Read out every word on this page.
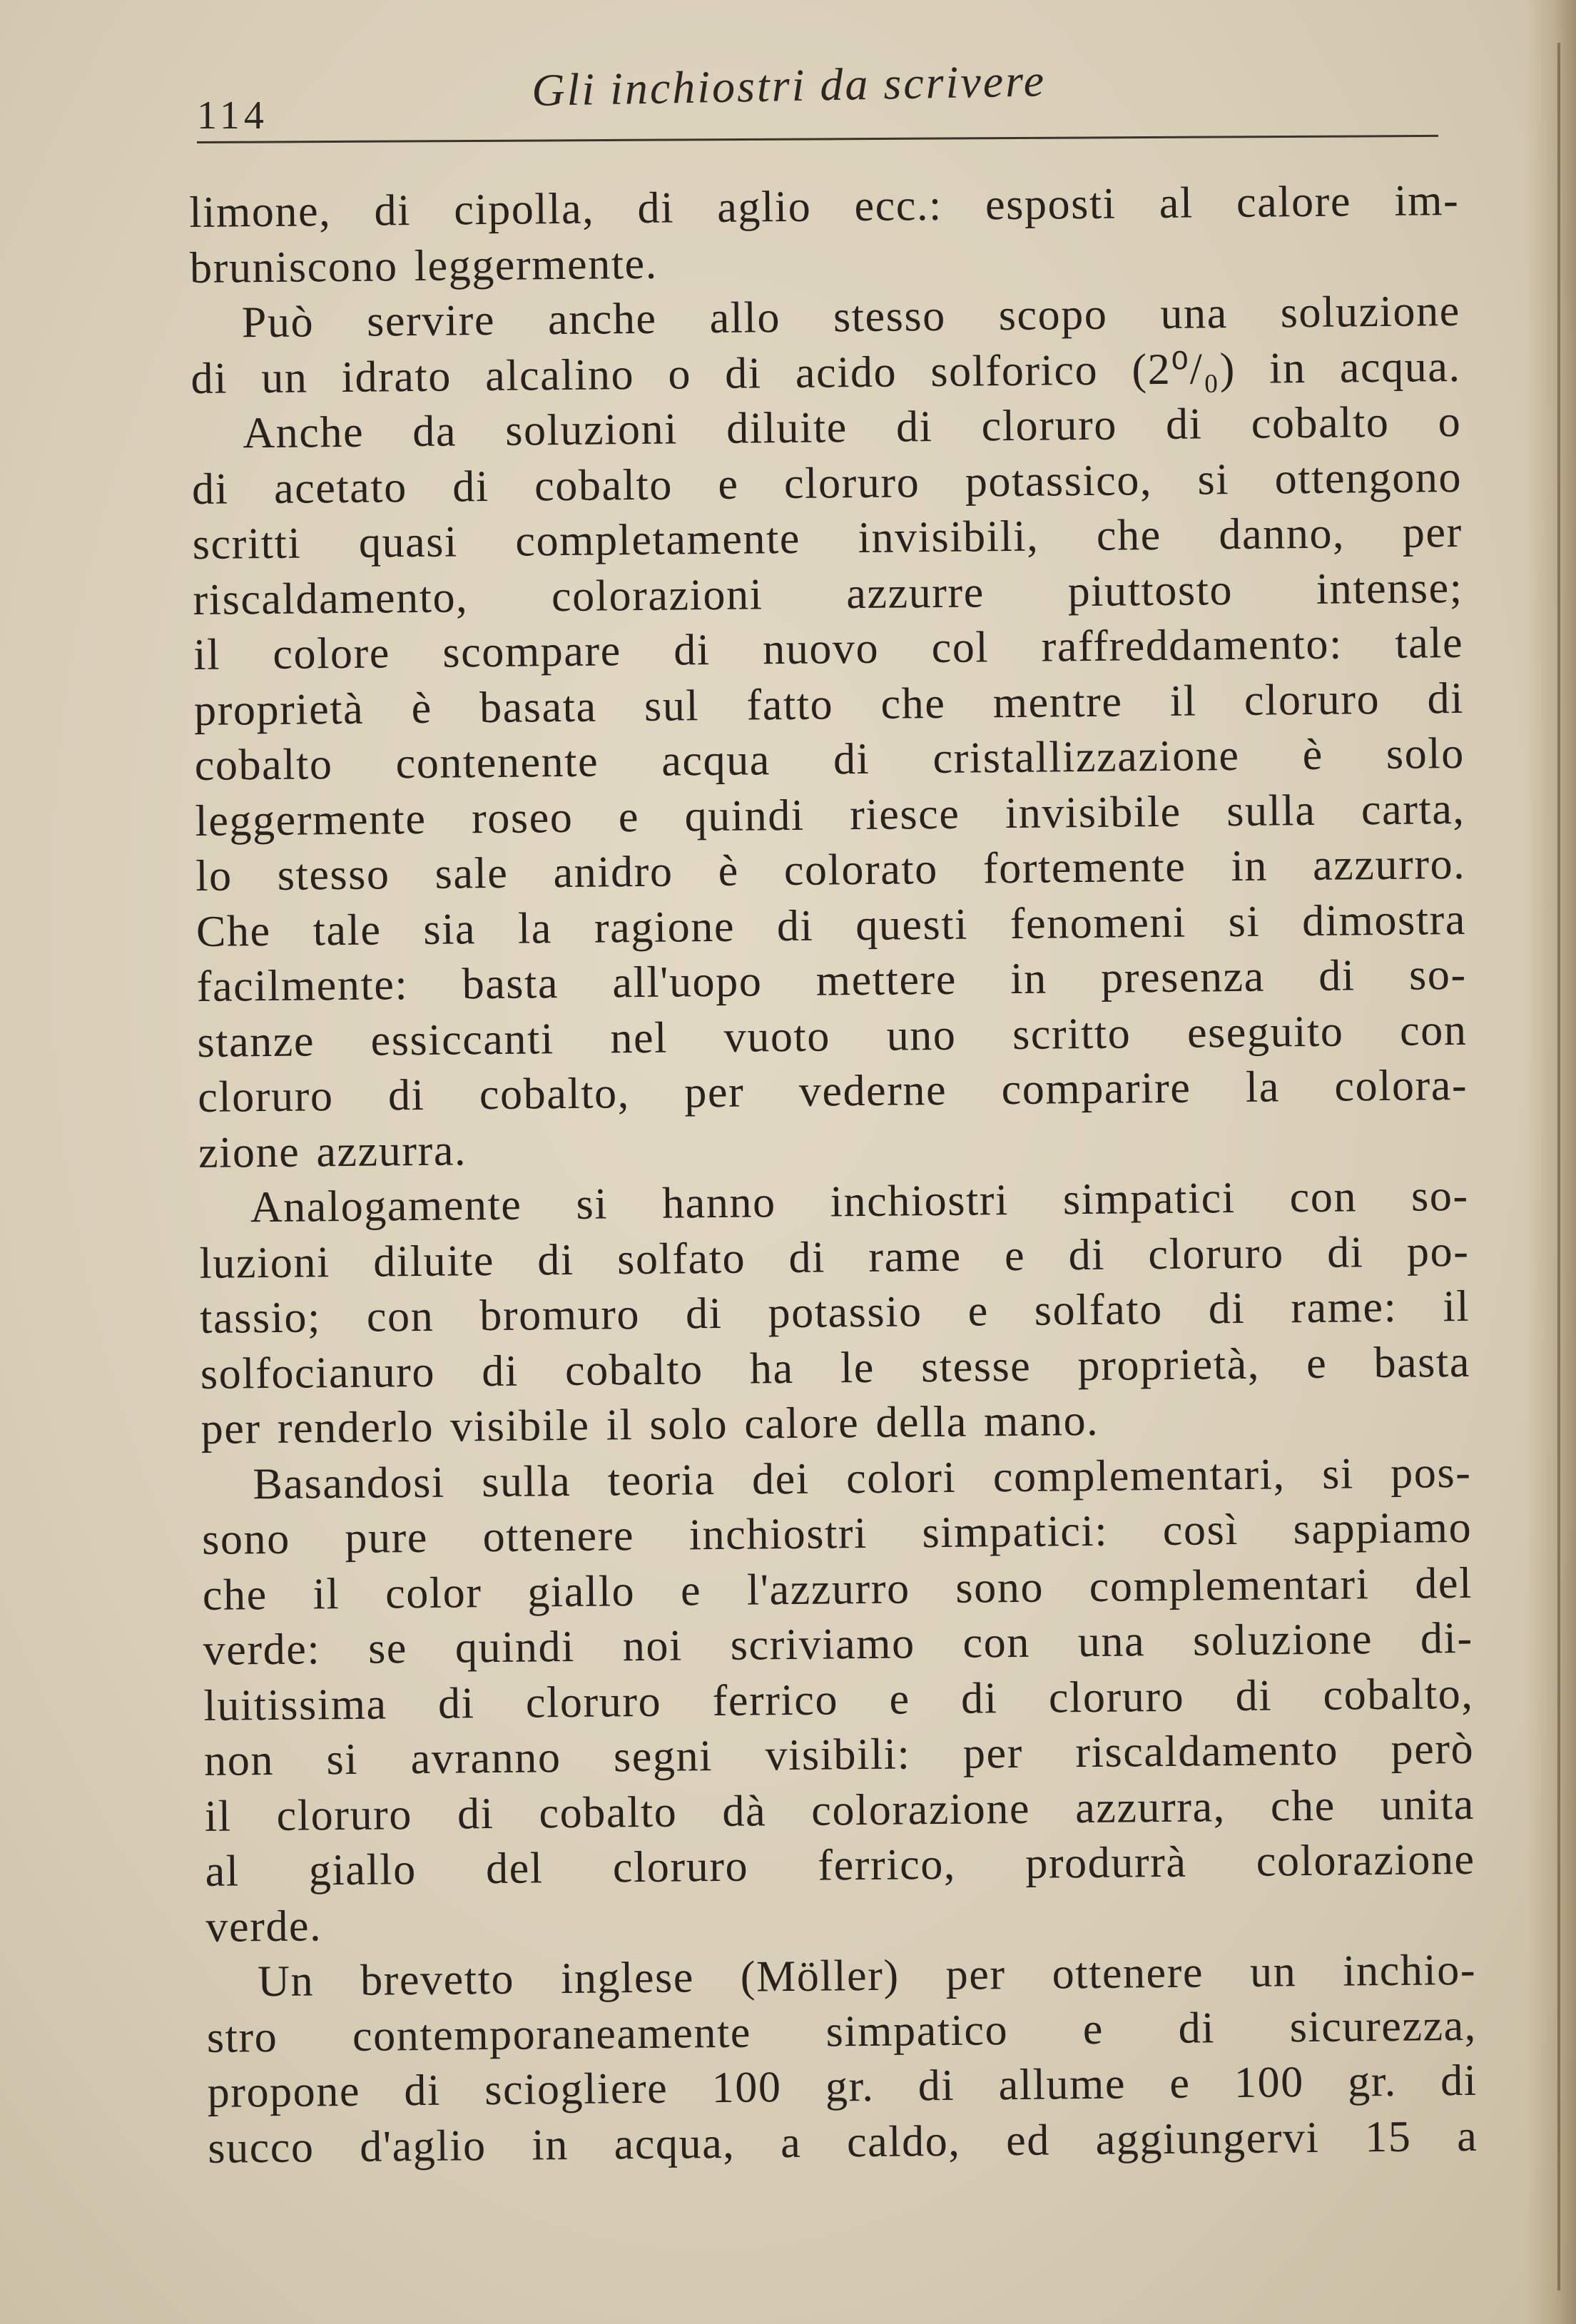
114	Gli inchiostri da scrivere
limone, di cipolla, di aglio ecc.: esposti al calore im-
bruniscono leggermente.
Può servire anche allo stesso scopo una soluzione
di un idrato alcalino o di acido solforico (2⁰/₀) in acqua.
Anche da soluzioni diluite di cloruro di cobalto o
di acetato di cobalto e cloruro potassico, si ottengono
scritti quasi completamente invisibili, che danno, per
riscaldamento, colorazioni azzurre piuttosto intense;
il colore scompare di nuovo col raffreddamento: tale
proprietà è basata sul fatto che mentre il cloruro di
cobalto contenente acqua di cristallizzazione è solo
leggermente roseo e quindi riesce invisibile sulla carta,
lo stesso sale anidro è colorato fortemente in azzurro.
Che tale sia la ragione di questi fenomeni si dimostra
facilmente: basta all'uopo mettere in presenza di so-
stanze essiccanti nel vuoto uno scritto eseguito con
cloruro di cobalto, per vederne comparire la colora-
zione azzurra.
Analogamente si hanno inchiostri simpatici con so-
luzioni diluite di solfato di rame e di cloruro di po-
tassio; con bromuro di potassio e solfato di rame: il
solfocianuro di cobalto ha le stesse proprietà, e basta
per renderlo visibile il solo calore della mano.
Basandosi sulla teoria dei colori complementari, si pos-
sono pure ottenere inchiostri simpatici: così sappiamo
che il color giallo e l'azzurro sono complementari del
verde: se quindi noi scriviamo con una soluzione di-
luitissima di cloruro ferrico e di cloruro di cobalto,
non si avranno segni visibili: per riscaldamento però
il cloruro di cobalto dà colorazione azzurra, che unita
al giallo del cloruro ferrico, produrrà colorazione
verde.
Un brevetto inglese (Möller) per ottenere un inchio-
stro contemporaneamente simpatico e di sicurezza,
propone di sciogliere 100 gr. di allume e 100 gr. di
succo d'aglio in acqua, a caldo, ed aggiungervi 15 a
